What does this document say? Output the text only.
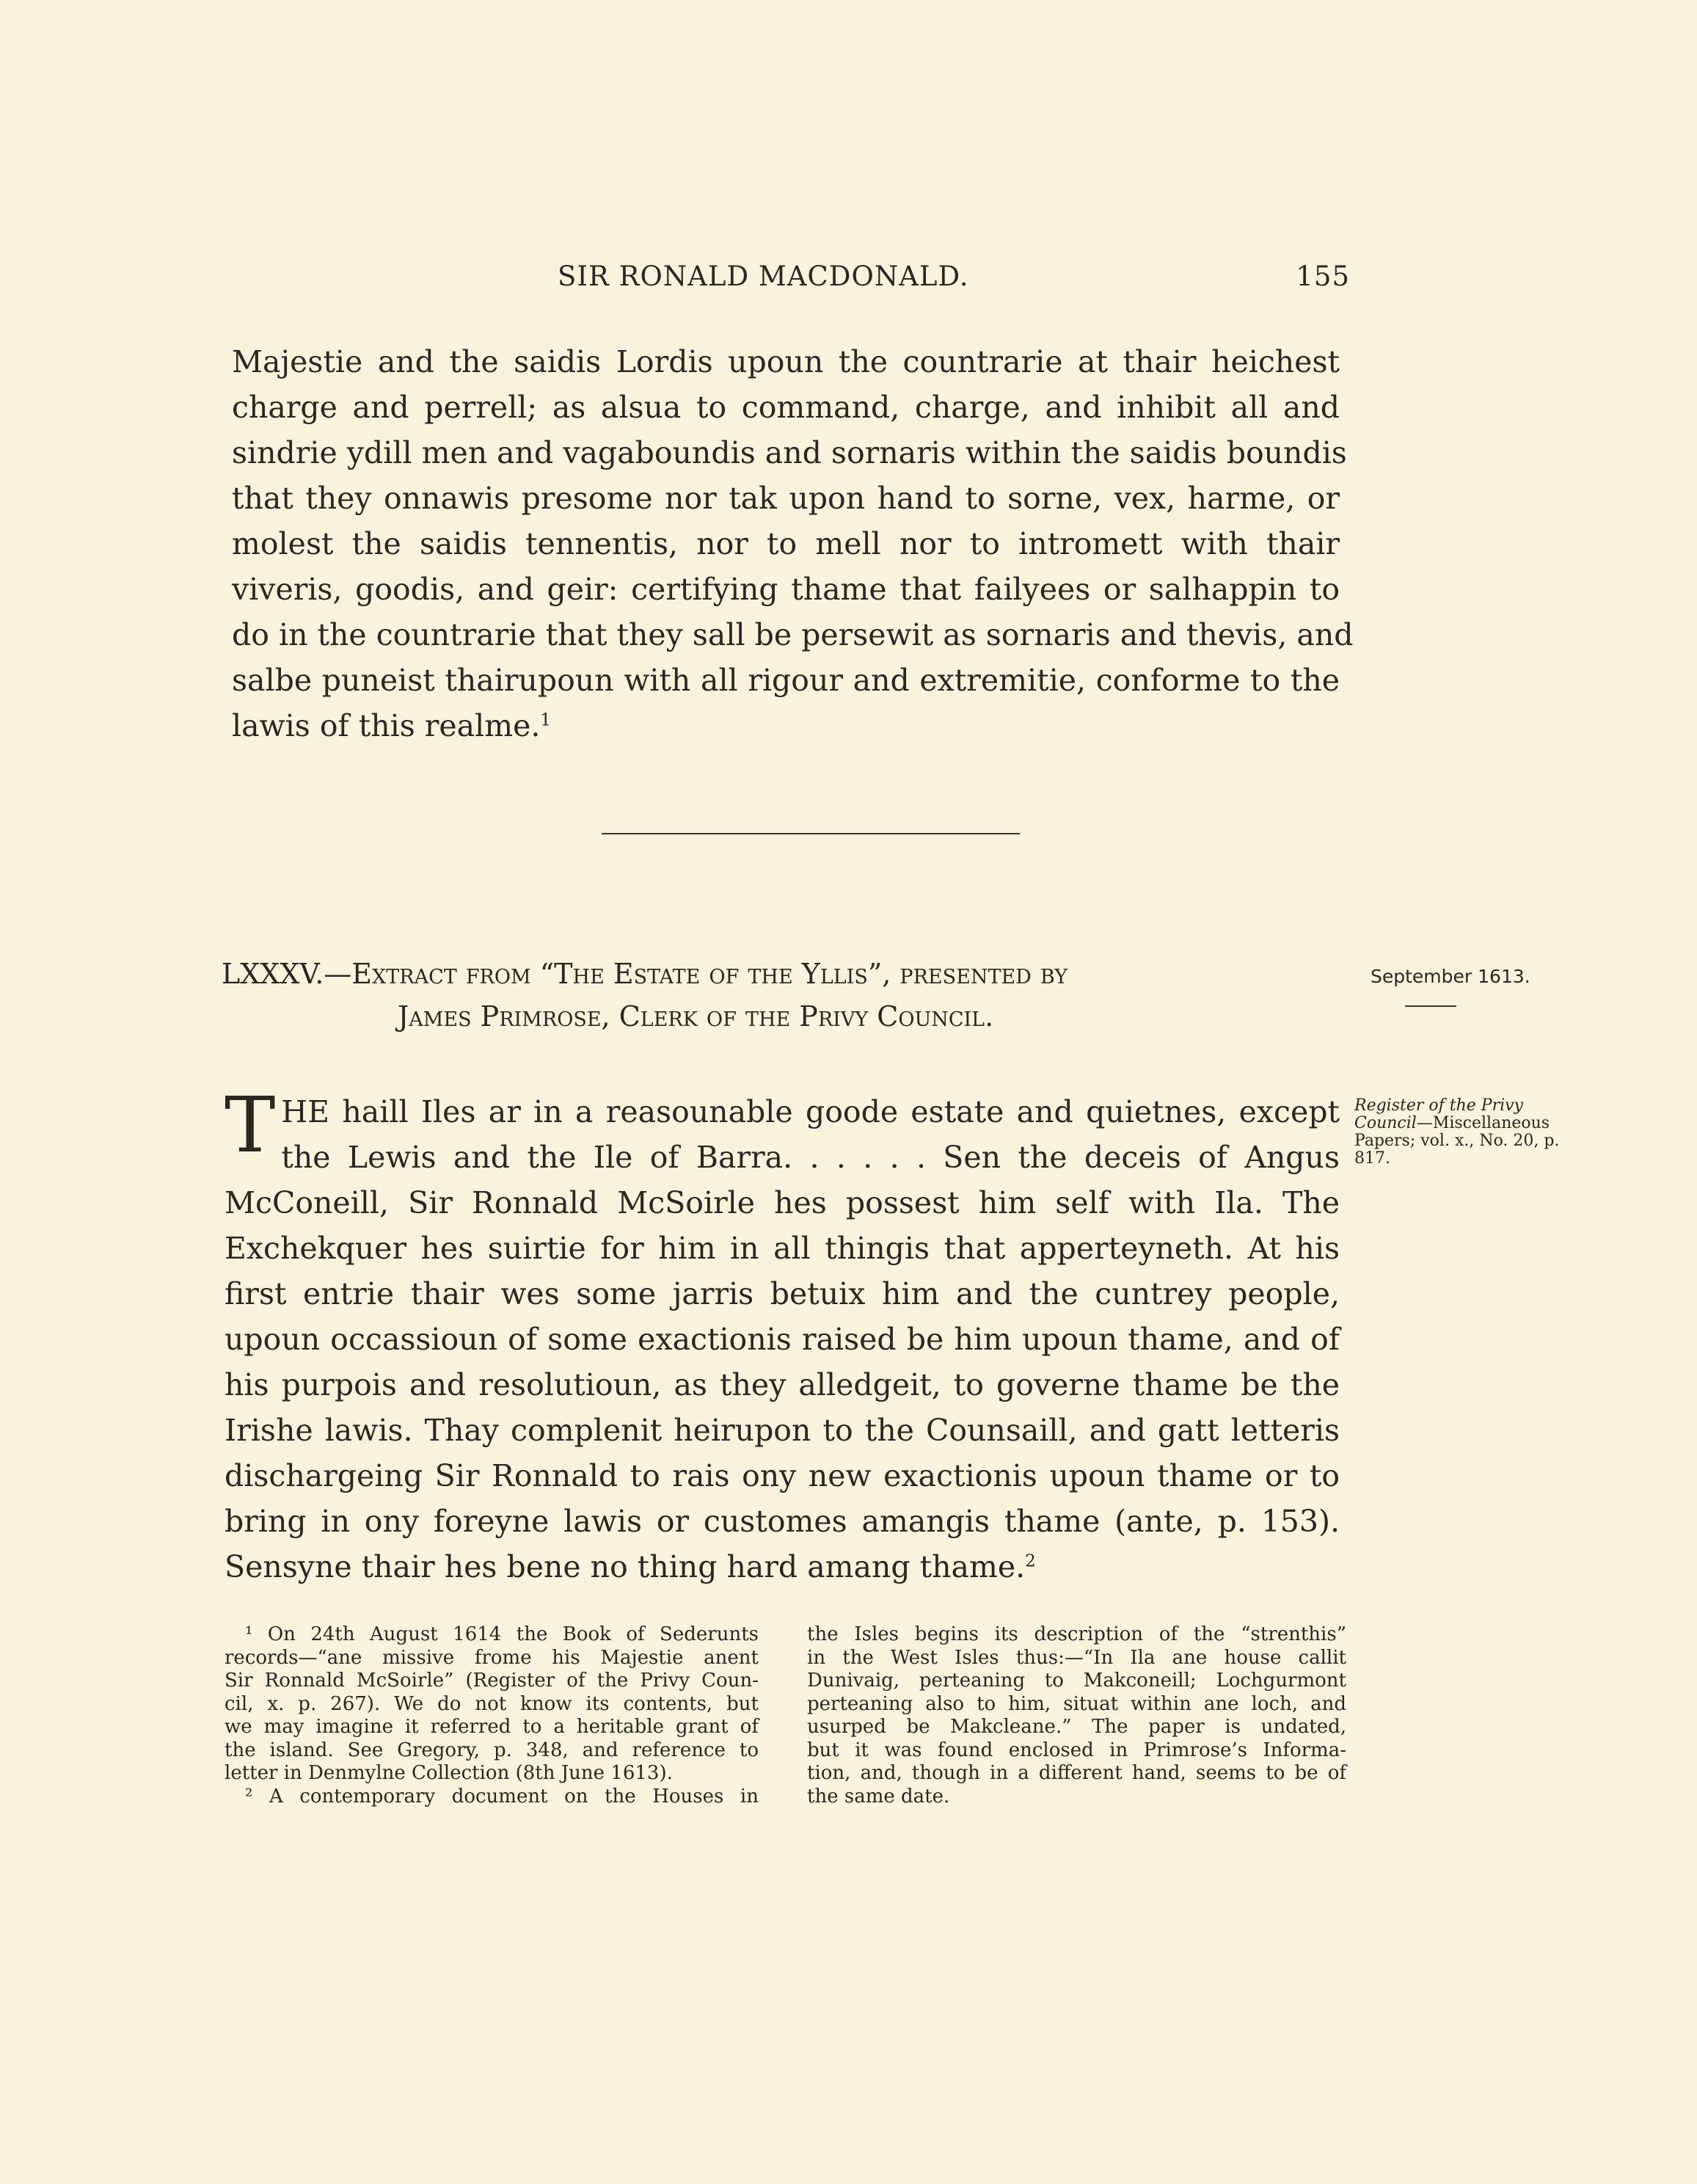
SIR RONALD MACDONALD.	155
Majestie and the saidis Lordis upoun the countrarie at thair heichest
charge and perrell; as alsua to command, charge, and inhibit all and
sindrie ydill men and vagaboundis and sornaris within the saidis boundis
that they onnawis presome nor tak upon hand to sorne, vex, harme, or
molest the saidis tennentis, nor to mell nor to intromett with thair
viveris, goodis, and geir: certifying thame that failyees or salhappin to
do in the countrarie that they sall be persewit as sornaris and thevis, and
salbe puneist thairupoun with all rigour and extremitie, conforme to the
lawis of this realme.$^1$
LXXXV.—Extract from “The Estate of the Yllis”, presented by
James Primrose, Clerk of the Privy Council.
September 1613.
Register of the Privy Council—Miscellaneous Papers; vol. x., No. 20, p. 817.
T HE haill Iles ar in a reasounable goode estate and quietnes, except
the Lewis and the Ile of Barra. . . . . . Sen the deceis of Angus
McConeill, Sir Ronnald McSoirle hes possest him self with Ila. The
Exchekquer hes suirtie for him in all thingis that apperteyneth. At his
first entrie thair wes some jarris betuix him and the cuntrey people,
upoun occassioun of some exactionis raised be him upoun thame, and of
his purpois and resolutioun, as they alledgeit, to governe thame be the
Irishe lawis. Thay complenit heirupon to the Counsaill, and gatt letteris
dischargeing Sir Ronnald to rais ony new exactionis upoun thame or to
bring in ony foreyne lawis or customes amangis thame (ante, p. 153).
Sensyne thair hes bene no thing hard amang thame.$^2$
¹ On 24th August 1614 the Book of Sederunts
records—“ane missive frome his Majestie anent
Sir Ronnald McSoirle” (Register of the Privy Coun-
cil, x. p. 267). We do not know its contents, but
we may imagine it referred to a heritable grant of
the island. See Gregory, p. 348, and reference to
letter in Denmylne Collection (8th June 1613).
² A contemporary document on the Houses in
the Isles begins its description of the “strenthis”
in the West Isles thus:—“In Ila ane house callit
Dunivaig, perteaning to Makconeill; Lochgurmont
perteaning also to him, situat within ane loch, and
usurped be Makcleane.” The paper is undated,
but it was found enclosed in Primrose’s Informa-
tion, and, though in a different hand, seems to be of
the same date.
